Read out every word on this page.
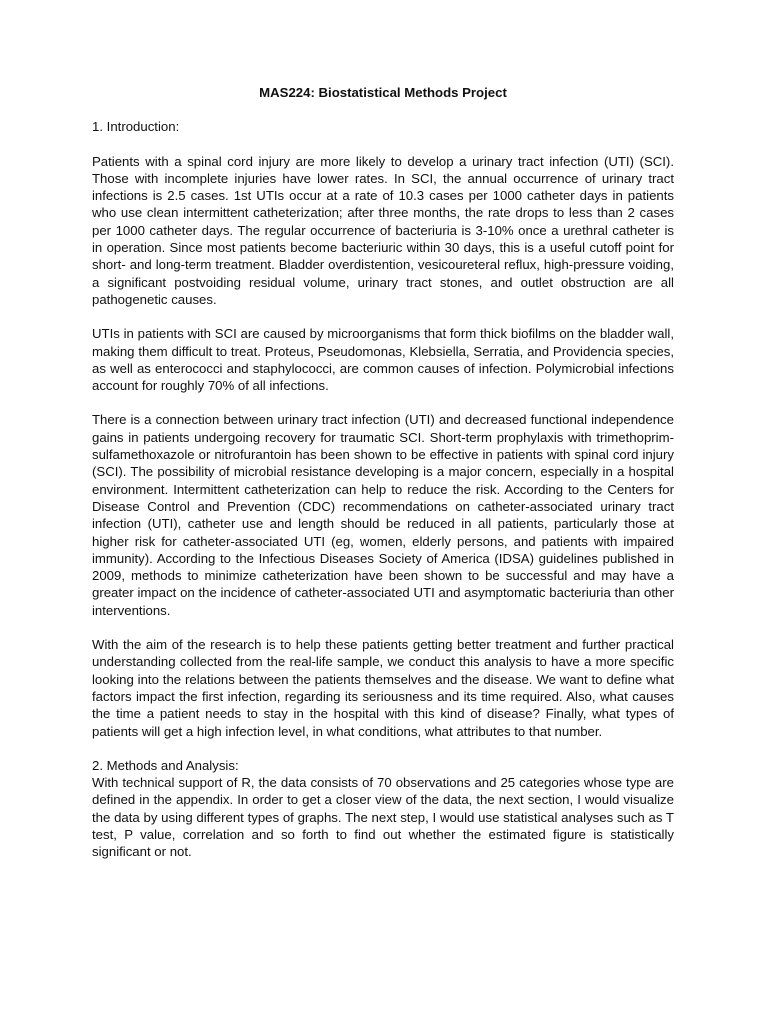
MAS224: Biostatistical Methods Project
1. Introduction:

Patients with a spinal cord injury are more likely to develop a urinary tract infection (UTI) (SCI). Those with incomplete injuries have lower rates. In SCI, the annual occurrence of urinary tract infections is 2.5 cases. 1st UTIs occur at a rate of 10.3 cases per 1000 catheter days in patients who use clean intermittent catheterization; after three months, the rate drops to less than 2 cases per 1000 catheter days. The regular occurrence of bacteriuria is 3-10% once a urethral catheter is in operation. Since most patients become bacteriuric within 30 days, this is a useful cutoff point for short- and long-term treatment. Bladder overdistention, vesicoureteral reflux, high-pressure voiding, a significant postvoiding residual volume, urinary tract stones, and outlet obstruction are all pathogenetic causes.

UTIs in patients with SCI are caused by microorganisms that form thick biofilms on the bladder wall, making them difficult to treat. Proteus, Pseudomonas, Klebsiella, Serratia, and Providencia species, as well as enterococci and staphylococci, are common causes of infection. Polymicrobial infections account for roughly 70% of all infections.

There is a connection between urinary tract infection (UTI) and decreased functional independence gains in patients undergoing recovery for traumatic SCI. Short-term prophylaxis with trimethoprim-sulfamethoxazole or nitrofurantoin has been shown to be effective in patients with spinal cord injury (SCI). The possibility of microbial resistance developing is a major concern, especially in a hospital environment. Intermittent catheterization can help to reduce the risk. According to the Centers for Disease Control and Prevention (CDC) recommendations on catheter-associated urinary tract infection (UTI), catheter use and length should be reduced in all patients, particularly those at higher risk for catheter-associated UTI (eg, women, elderly persons, and patients with impaired immunity). According to the Infectious Diseases Society of America (IDSA) guidelines published in 2009, methods to minimize catheterization have been shown to be successful and may have a greater impact on the incidence of catheter-associated UTI and asymptomatic bacteriuria than other interventions.

With the aim of the research is to help these patients getting better treatment and further practical understanding collected from the real-life sample, we conduct this analysis to have a more specific looking into the relations between the patients themselves and the disease. We want to define what factors impact the first infection, regarding its seriousness and its time required. Also, what causes the time a patient needs to stay in the hospital with this kind of disease? Finally, what types of patients will get a high infection level, in what conditions, what attributes to that number.

2. Methods and Analysis:

With technical support of R, the data consists of 70 observations and 25 categories whose type are defined in the appendix. In order to get a closer view of the data, the next section, I would visualize the data by using different types of graphs. The next step, I would use statistical analyses such as T test, P value, correlation and so forth to find out whether the estimated figure is statistically significant or not.
